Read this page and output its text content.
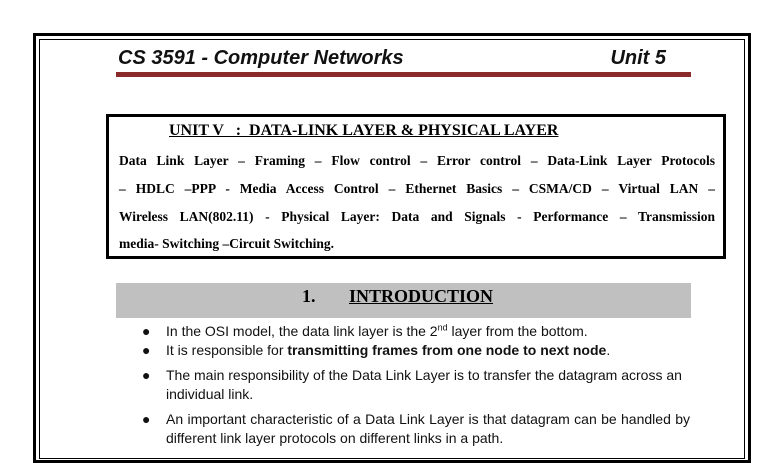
CS 3591 - Computer Networks	Unit 5
UNIT V   :  DATA-LINK LAYER & PHYSICAL LAYER
Data Link Layer – Framing – Flow control – Error control – Data-Link Layer Protocols
– HDLC –PPP - Media Access Control – Ethernet Basics – CSMA/CD – Virtual LAN –
Wireless LAN(802.11) - Physical Layer: Data and Signals - Performance – Transmission
media- Switching –Circuit Switching.
1. INTRODUCTION
● In the OSI model, the data link layer is the 2nd layer from the bottom.
● It is responsible for transmitting frames from one node to next node.
● The main responsibility of the Data Link Layer is to transfer the datagram across an individual link.
● An important characteristic of a Data Link Layer is that datagram can be handled by different link layer protocols on different links in a path.
